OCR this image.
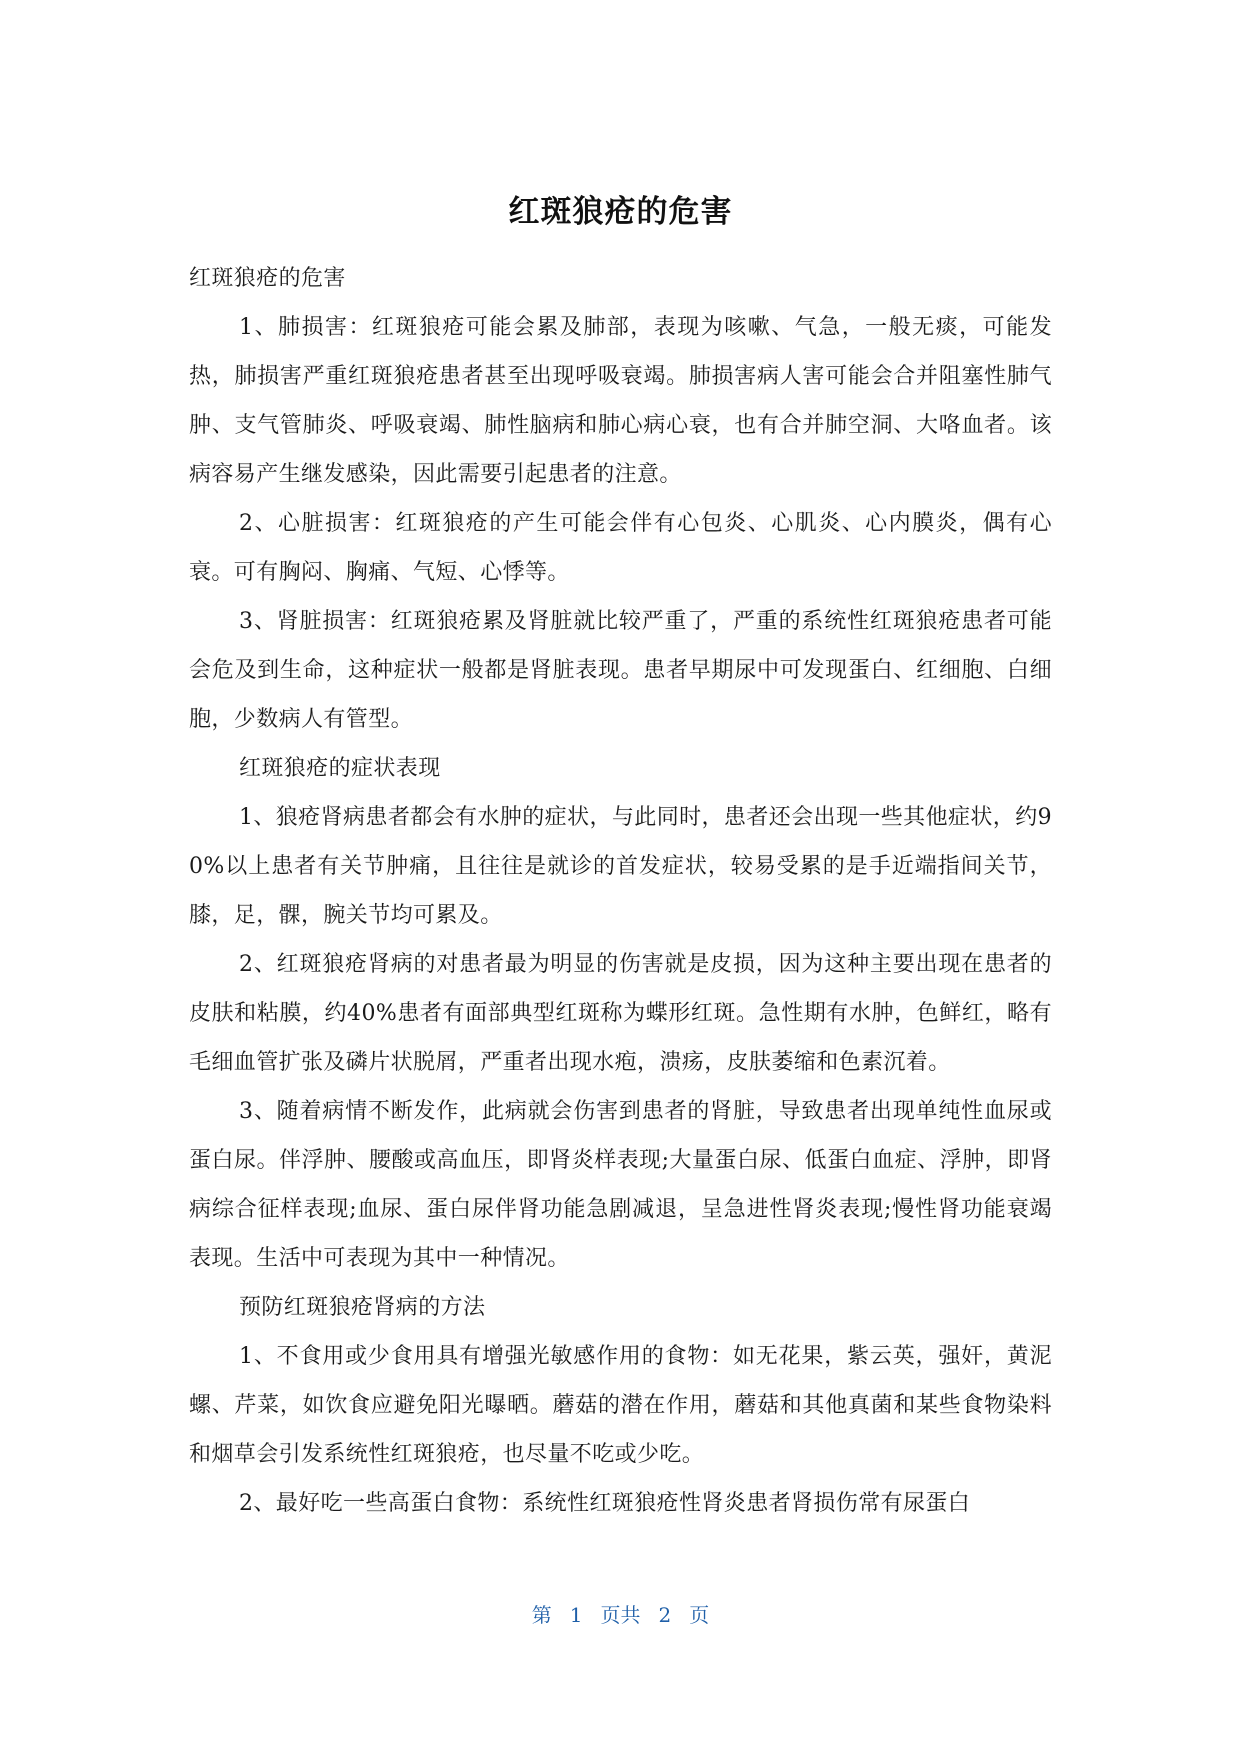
红斑狼疮的危害

红斑狼疮的危害

1、肺损害：红斑狼疮可能会累及肺部，表现为咳嗽、气急，一般无痰，可能发热，肺损害严重红斑狼疮患者甚至出现呼吸衰竭。肺损害病人害可能会合并阻塞性肺气肿、支气管肺炎、呼吸衰竭、肺性脑病和肺心病心衰，也有合并肺空洞、大咯血者。该病容易产生继发感染，因此需要引起患者的注意。

2、心脏损害：红斑狼疮的产生可能会伴有心包炎、心肌炎、心内膜炎，偶有心衰。可有胸闷、胸痛、气短、心悸等。

3、肾脏损害：红斑狼疮累及肾脏就比较严重了，严重的系统性红斑狼疮患者可能会危及到生命，这种症状一般都是肾脏表现。患者早期尿中可发现蛋白、红细胞、白细胞，少数病人有管型。

红斑狼疮的症状表现

1、狼疮肾病患者都会有水肿的症状，与此同时，患者还会出现一些其他症状，约90%以上患者有关节肿痛，且往往是就诊的首发症状，较易受累的是手近端指间关节，膝，足，髁，腕关节均可累及。

2、红斑狼疮肾病的对患者最为明显的伤害就是皮损，因为这种主要出现在患者的皮肤和粘膜，约40%患者有面部典型红斑称为蝶形红斑。急性期有水肿，色鲜红，略有毛细血管扩张及磷片状脱屑，严重者出现水疱，溃疡，皮肤萎缩和色素沉着。

3、随着病情不断发作，此病就会伤害到患者的肾脏，导致患者出现单纯性血尿或蛋白尿。伴浮肿、腰酸或高血压，即肾炎样表现;大量蛋白尿、低蛋白血症、浮肿，即肾病综合征样表现;血尿、蛋白尿伴肾功能急剧减退，呈急进性肾炎表现;慢性肾功能衰竭表现。生活中可表现为其中一种情况。

预防红斑狼疮肾病的方法

1、不食用或少食用具有增强光敏感作用的食物：如无花果，紫云英，强奸，黄泥螺、芹菜，如饮食应避免阳光曝晒。蘑菇的潜在作用，蘑菇和其他真菌和某些食物染料和烟草会引发系统性红斑狼疮，也尽量不吃或少吃。

2、最好吃一些高蛋白食物：系统性红斑狼疮性肾炎患者肾损伤常有尿蛋白

第 1 页共 2 页
